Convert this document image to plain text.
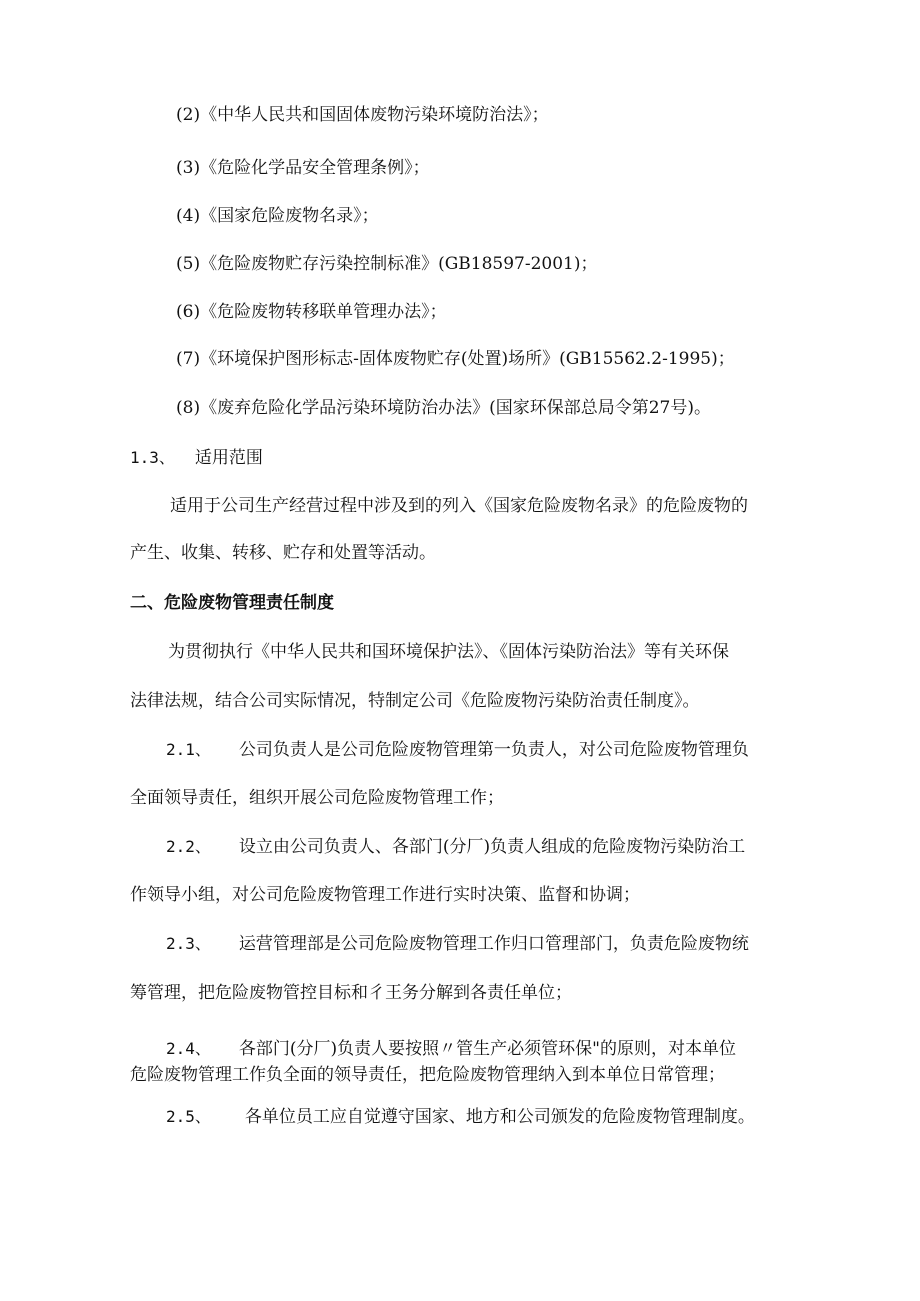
(2)《中华人民共和国固体废物污染环境防治法》；
(3)《危险化学品安全管理条例》；
(4)《国家危险废物名录》；
(5)《危险废物贮存污染控制标准》(GB18597-2001)；
(6)《危险废物转移联单管理办法》；
(7)《环境保护图形标志-固体废物贮存(处置)场所》(GB15562.2-1995)；
(8)《废弃危险化学品污染环境防治办法》(国家环保部总局令第27号)。
1.3、 适用范围
适用于公司生产经营过程中涉及到的列入《国家危险废物名录》的危险废物的
产生、收集、转移、贮存和处置等活动。
二、危险废物管理责任制度
为贯彻执行《中华人民共和国环境保护法》、《固体污染防治法》等有关环保
法律法规，结合公司实际情况，特制定公司《危险废物污染防治责任制度》。
2.1、 公司负责人是公司危险废物管理第一负责人，对公司危险废物管理负
全面领导责任，组织开展公司危险废物管理工作；
2.2、 设立由公司负责人、各部门(分厂)负责人组成的危险废物污染防治工
作领导小组，对公司危险废物管理工作进行实时决策、监督和协调；
2.3、 运营管理部是公司危险废物管理工作归口管理部门，负责危险废物统
筹管理，把危险废物管控目标和彳王务分解到各责任单位；
2.4、 各部门(分厂)负责人要按照〃管生产必须管环保"的原则，对本单位
危险废物管理工作负全面的领导责任，把危险废物管理纳入到本单位日常管理；
2.5、 各单位员工应自觉遵守国家、地方和公司颁发的危险废物管理制度。
